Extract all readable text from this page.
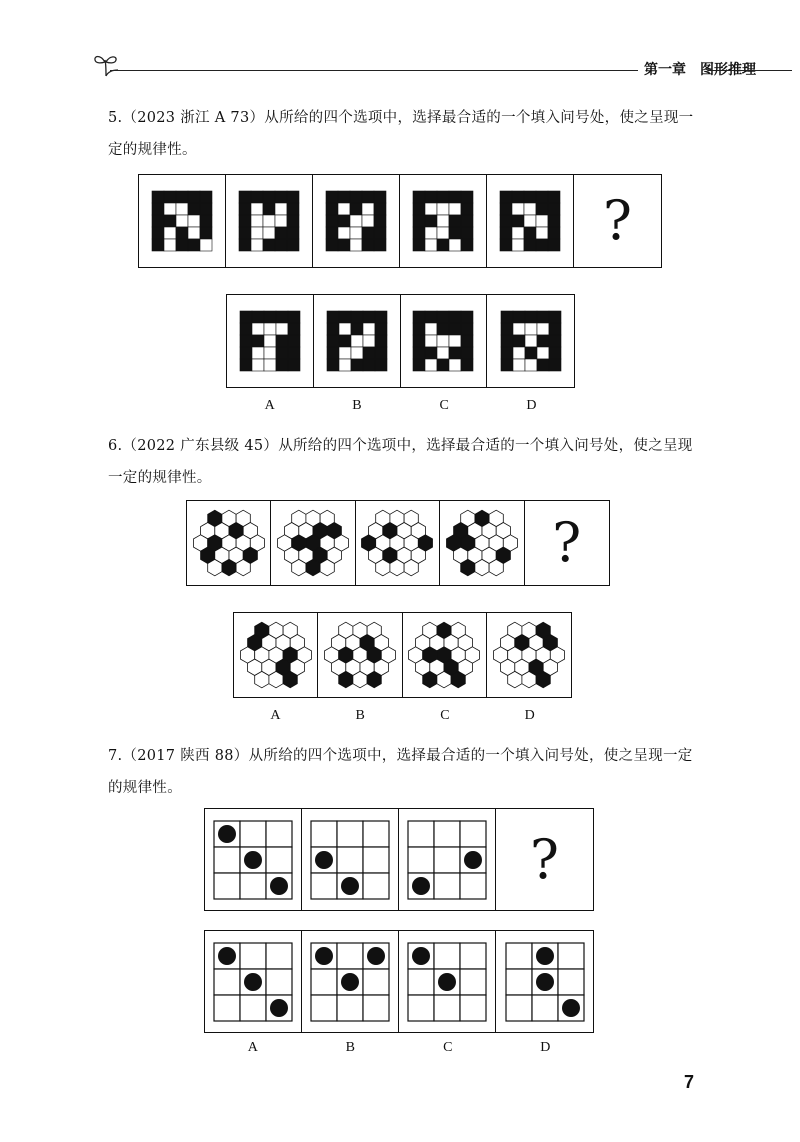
第一章　图形推理
5.（2023 浙江 A 73）从所给的四个选项中，选择最合适的一个填入问号处，使之呈现一定的规律性。
?
A	B	C	D
6.（2022 广东县级 45）从所给的四个选项中，选择最合适的一个填入问号处，使之呈现一定的规律性。
?
A	B	C	D
7.（2017 陕西 88）从所给的四个选项中，选择最合适的一个填入问号处，使之呈现一定的规律性。
?
A	B	C	D
7
